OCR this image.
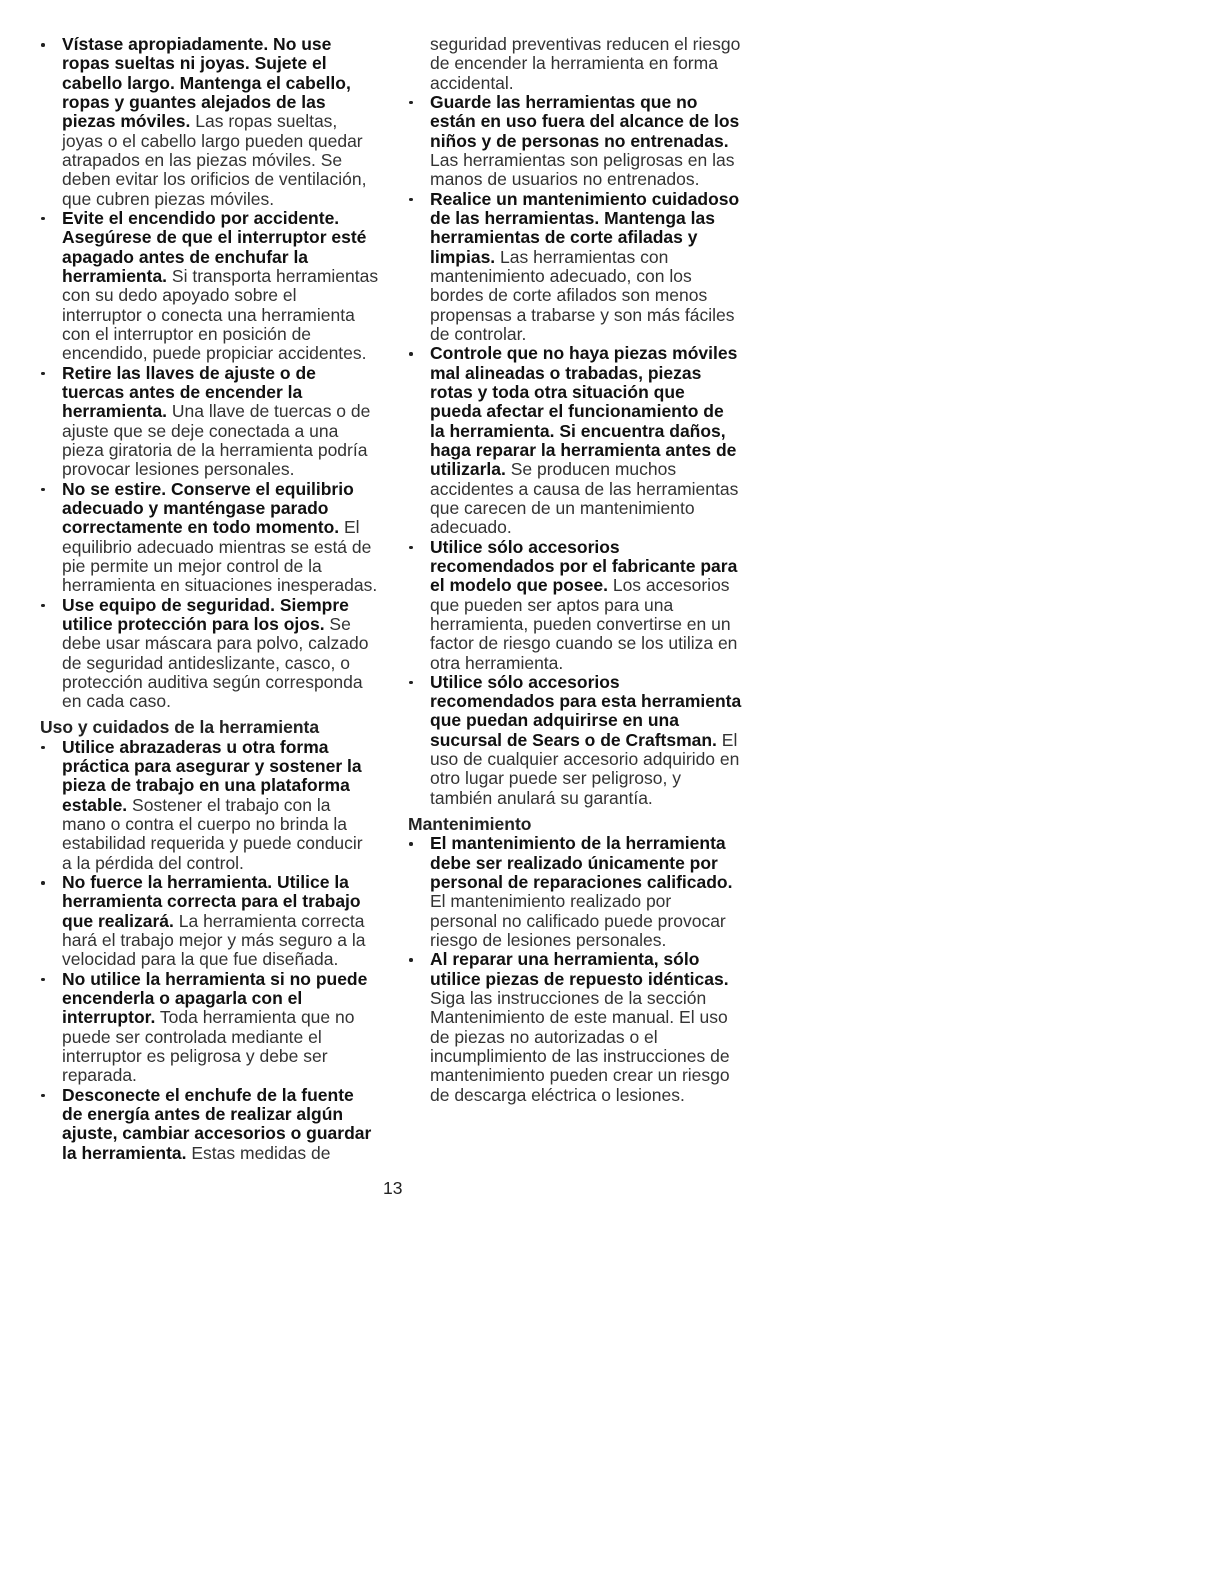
Vístase apropiadamente. No use
ropas sueltas ni joyas. Sujete el
cabello largo. Mantenga el cabello,
ropas y guantes alejados de las
piezas móviles. Las ropas sueltas,
joyas o el cabello largo pueden quedar
atrapados en las piezas móviles. Se
deben evitar los orificios de ventilación,
que cubren piezas móviles.

Evite el encendido por accidente.
Asegúrese de que el interruptor esté
apagado antes de enchufar la
herramienta. Si transporta herramientas
con su dedo apoyado sobre el
interruptor o conecta una herramienta
con el interruptor en posición de
encendido, puede propiciar accidentes.

Retire las llaves de ajuste o de
tuercas antes de encender la
herramienta. Una llave de tuercas o de
ajuste que se deje conectada a una
pieza giratoria de la herramienta podría
provocar lesiones personales.

No se estire. Conserve el equilibrio
adecuado y manténgase parado
correctamente en todo momento. El
equilibrio adecuado mientras se está de
pie permite un mejor control de la
herramienta en situaciones inesperadas.

Use equipo de seguridad. Siempre
utilice protección para los ojos. Se
debe usar máscara para polvo, calzado
de seguridad antideslizante, casco, o
protección auditiva según corresponda
en cada caso.

Uso y cuidados de la herramienta

Utilice abrazaderas u otra forma
práctica para asegurar y sostener la
pieza de trabajo en una plataforma
estable. Sostener el trabajo con la
mano o contra el cuerpo no brinda la
estabilidad requerida y puede conducir
a la pérdida del control.

No fuerce la herramienta. Utilice la
herramienta correcta para el trabajo
que realizará. La herramienta correcta
hará el trabajo mejor y más seguro a la
velocidad para la que fue diseñada.

No utilice la herramienta si no puede
encenderla o apagarla con el
interruptor. Toda herramienta que no
puede ser controlada mediante el
interruptor es peligrosa y debe ser
reparada.

Desconecte el enchufe de la fuente
de energía antes de realizar algún
ajuste, cambiar accesorios o guardar
la herramienta. Estas medidas de

seguridad preventivas reducen el riesgo
de encender la herramienta en forma
accidental.

Guarde las herramientas que no
están en uso fuera del alcance de los
niños y de personas no entrenadas.
Las herramientas son peligrosas en las
manos de usuarios no entrenados.

Realice un mantenimiento cuidadoso
de las herramientas. Mantenga las
herramientas de corte afiladas y
limpias. Las herramientas con
mantenimiento adecuado, con los
bordes de corte afilados son menos
propensas a trabarse y son más fáciles
de controlar.

Controle que no haya piezas móviles
mal alineadas o trabadas, piezas
rotas y toda otra situación que
pueda afectar el funcionamiento de
la herramienta. Si encuentra daños,
haga reparar la herramienta antes de
utilizarla. Se producen muchos
accidentes a causa de las herramientas
que carecen de un mantenimiento
adecuado.

Utilice sólo accesorios
recomendados por el fabricante para
el modelo que posee. Los accesorios
que pueden ser aptos para una
herramienta, pueden convertirse en un
factor de riesgo cuando se los utiliza en
otra herramienta.

Utilice sólo accesorios
recomendados para esta herramienta
que puedan adquirirse en una
sucursal de Sears o de Craftsman. El
uso de cualquier accesorio adquirido en
otro lugar puede ser peligroso, y
también anulará su garantía.

Mantenimiento

El mantenimiento de la herramienta
debe ser realizado únicamente por
personal de reparaciones calificado.
El mantenimiento realizado por
personal no calificado puede provocar
riesgo de lesiones personales.

Al reparar una herramienta, sólo
utilice piezas de repuesto idénticas.
Siga las instrucciones de la sección
Mantenimiento de este manual. El uso
de piezas no autorizadas o el
incumplimiento de las instrucciones de
mantenimiento pueden crear un riesgo
de descarga eléctrica o lesiones.

13
